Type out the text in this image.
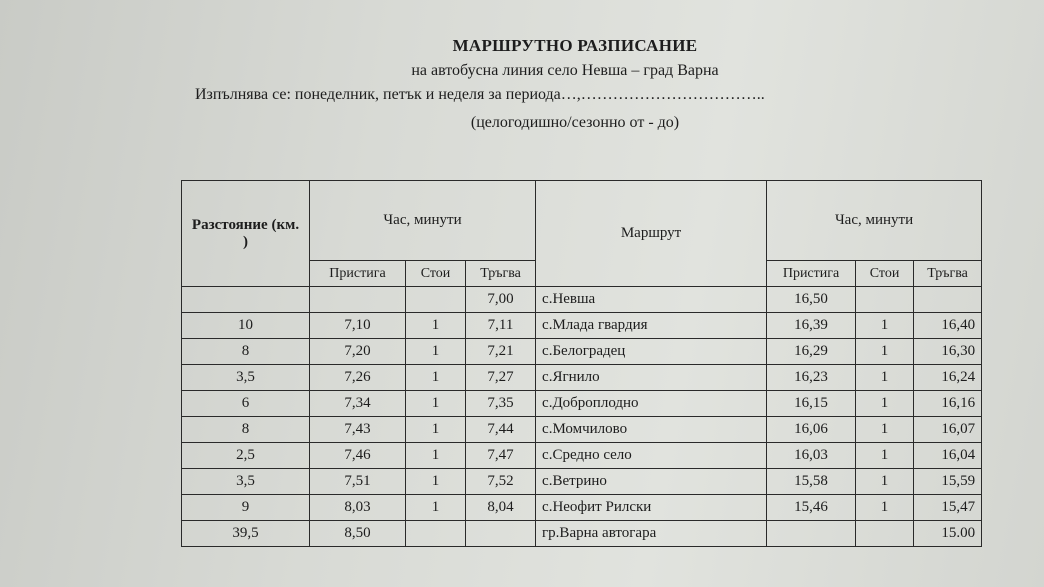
МАРШРУТНО РАЗПИСАНИЕ
на автобусна линия село Невша – град Варна
Изпълнява се: понеделник, петък и неделя за периода…,……………………………..
(целогодишно/сезонно от - до)
Разстояние (км. )	Час, минути			Маршрут	Час, минути		
	Пристига	Стои	Тръгва		Пристига	Стои	Тръгва
			7,00	с.Невша	16,50		
10	7,10	1	7,11	с.Млада гвардия	16,39	1	16,40
8	7,20	1	7,21	с.Белоградец	16,29	1	16,30
3,5	7,26	1	7,27	с.Ягнило	16,23	1	16,24
6	7,34	1	7,35	с.Доброплодно	16,15	1	16,16
8	7,43	1	7,44	с.Момчилово	16,06	1	16,07
2,5	7,46	1	7,47	с.Средно село	16,03	1	16,04
3,5	7,51	1	7,52	с.Ветрино	15,58	1	15,59
9	8,03	1	8,04	с.Неофит Рилски	15,46	1	15,47
39,5	8,50			гр.Варна автогара			15.00
